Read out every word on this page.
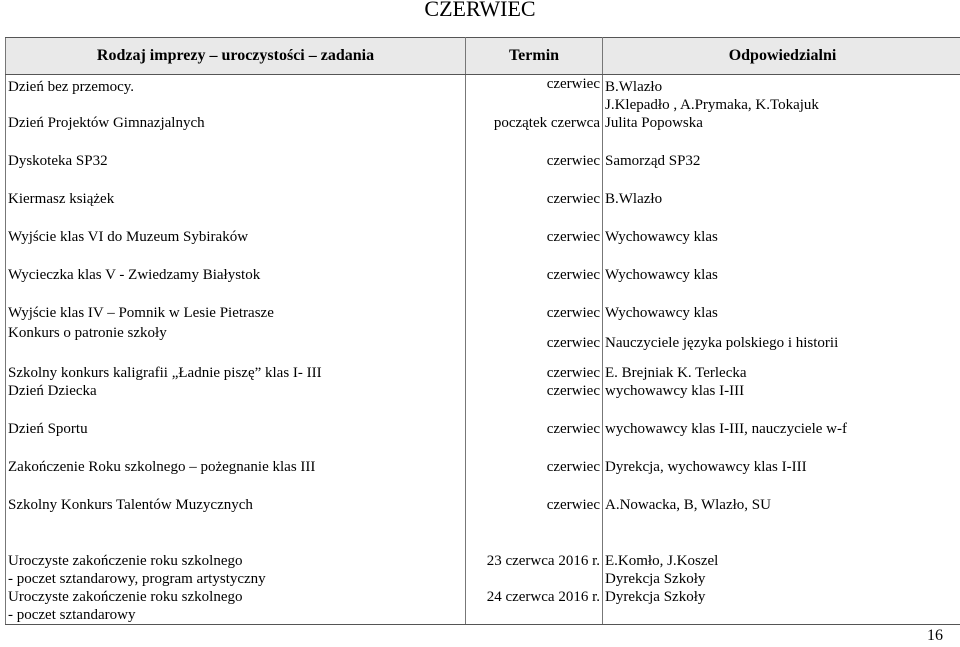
CZERWIEC
Rodzaj imprezy – uroczystości – zadania	Termin	Odpowiedzialni

Dzień bez przemocy.	czerwiec	B.Wlazło
J.Klepadło , A.Prymaka, K.Tokajuk

Dzień Projektów Gimnazjalnych	początek czerwca	Julita Popowska

Dyskoteka SP32	czerwiec	Samorząd SP32

Kiermasz książek	czerwiec	B.Wlazło

Wyjście klas VI do Muzeum Sybiraków	czerwiec	Wychowawcy klas

Wycieczka klas V - Zwiedzamy Białystok	czerwiec	Wychowawcy klas

Wyjście klas IV – Pomnik w Lesie Pietrasze	czerwiec	Wychowawcy klas

Konkurs o patronie szkoły	czerwiec	Nauczyciele języka polskiego i historii

Szkolny konkurs kaligrafii „Ładnie piszę” klas I- III	czerwiec	E. Brejniak K. Terlecka

Dzień Dziecka	czerwiec	wychowawcy klas I-III

Dzień Sportu	czerwiec	wychowawcy klas I-III, nauczyciele w-f

Zakończenie Roku szkolnego – pożegnanie klas III	czerwiec	Dyrekcja, wychowawcy klas I-III

Szkolny Konkurs Talentów Muzycznych	czerwiec	A.Nowacka, B, Wlazło, SU

Uroczyste zakończenie roku szkolnego
- poczet sztandarowy, program artystyczny	23 czerwca 2016 r.	E.Komło, J.Koszel
Dyrekcja Szkoły

Uroczyste zakończenie roku szkolnego
- poczet sztandarowy	24 czerwca 2016 r.	Dyrekcja Szkoły
16
